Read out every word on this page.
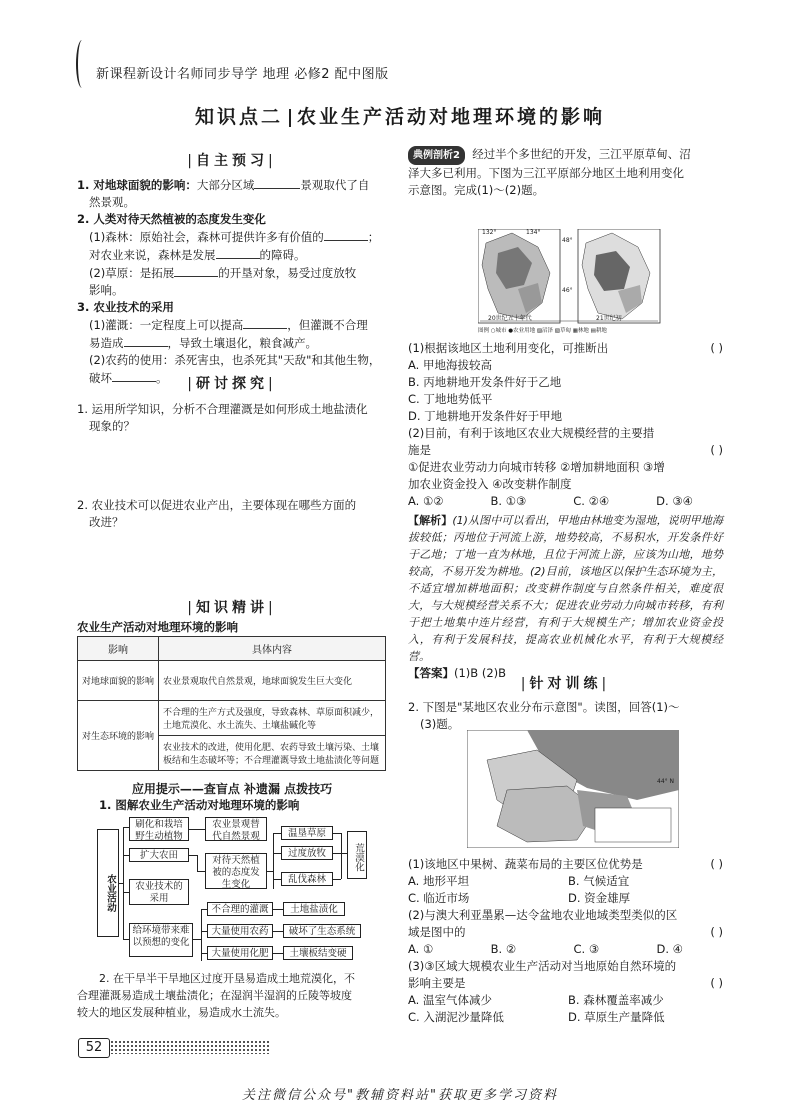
新课程新设计名师同步导学 地理 必修2 配中图版
知识点二 农业生产活动对地理环境的影响
|自主预习|

1. 对地球面貌的影响：大部分区域	景观取代了自

然景观。

2. 人类对待天然植被的态度发生变化

(1)森林：原始社会，森林可提供许多有价值的	；

对农业来说，森林是发展	的障碍。

(2)草原：是拓展	的开垦对象，易受过度放牧

影响。

3. 农业技术的采用

(1)灌溉：一定程度上可以提高	，但灌溉不合理

易造成	，导致土壤退化，粮食减产。

(2)农药的使用：杀死害虫，也杀死其"天敌"和其他生物，

破坏	。	|研讨探究|

1. 运用所学知识，分析不合理灌溉是如何形成土地盐渍化

现象的？

2. 农业技术可以促进农业产出，主要体现在哪些方面的

改进？

|知识精讲|

农业生产活动对地理环境的影响

影响	具体内容
对地球面貌的影响	农业景观取代自然景观，地球面貌发生巨大变化
对生态环境的影响	不合理的生产方式及强度，导致森林、草原面积减少，土地荒漠化、水土流失、土壤盐碱化等
	农业技术的改进，使用化肥、农药导致土壤污染、土壤板结和生态破坏等；不合理灌溉导致土地盐渍化等问题
应用提示——查盲点 补遗漏 点拨技巧

1. 图解农业生产活动对地理环境的影响

农业活动
刷化和栽培野生动植物
扩大农田
农业技术的采用
给环境带来难以预想的变化
农业景观替代自然景观
对待天然植被的态度发生变化
温垦草原
过度放牧
乱伐森林
荒漠化
不合理的灌溉
大量使用农药
大量使用化肥
土地盐渍化
破坏了生态系统
土壤板结变硬

2. 在干旱半干旱地区过度开垦易造成土地荒漠化，不

合理灌溉易造成土壤盐渍化；在湿润半湿润的丘陵等坡度

较大的地区发展种植业，易造成水土流失。

典例剖析2 经过半个多世纪的开发，三江平原草甸、沼

泽大多已利用。下图为三江平原部分地区土地利用变化

示意图。完成(1)～(2)题。

132°	134°
48°
46°
20世纪五十年代	21世纪初
图例 ○城市 ●农业用地 ▨沼泽 ▧草甸 ▦林地 ▤耕地

(1)根据该地区土地利用变化，可推断出	( )

A. 甲地海拔较高

B. 丙地耕地开发条件好于乙地

C. 丁地地势低平

D. 丁地耕地开发条件好于甲地

(2)目前，有利于该地区农业大规模经营的主要措

施是	( )

①促进农业劳动力向城市转移 ②增加耕地面积 ③增

加农业资金投入 ④改变耕作制度

A. ①②	B. ①③	C. ②④	D. ③④

【解析】(1)从图中可以看出，甲地由林地变为湿地，说明甲地海拔较低；丙地位于河流上游，地势较高，不易积水，开发条件好于乙地；丁地一直为林地，且位于河流上游，应该为山地，地势较高，不易开发为耕地。(2)目前，该地区以保护生态环境为主，不适宜增加耕地面积；改变耕作制度与自然条件相关，难度很大，与大规模经营关系不大；促进农业劳动力向城市转移，有利于把土地集中连片经营，有利于大规模生产；增加农业资金投入，有利于发展科技，提高农业机械化水平，有利于大规模经营。

【答案】(1)B (2)B

|针对训练|

2. 下图是"某地区农业分布示意图"。读图，回答(1)～

(3)题。

44° N

(1)该地区中果树、蔬菜布局的主要区位优势是	( )

A. 地形平坦	B. 气候适宜

C. 临近市场	D. 资金雄厚

(2)与澳大利亚墨累—达令盆地农业地域类型类似的区

域是图中的	( )

A. ①	B. ②	C. ③	D. ④

(3)③区域大规模农业生产活动对当地原始自然环境的

影响主要是	( )

A. 温室气体减少	B. 森林覆盖率减少

C. 入湖泥沙量降低	D. 草原生产量降低

52
关注微信公众号"教辅资料站"获取更多学习资料
